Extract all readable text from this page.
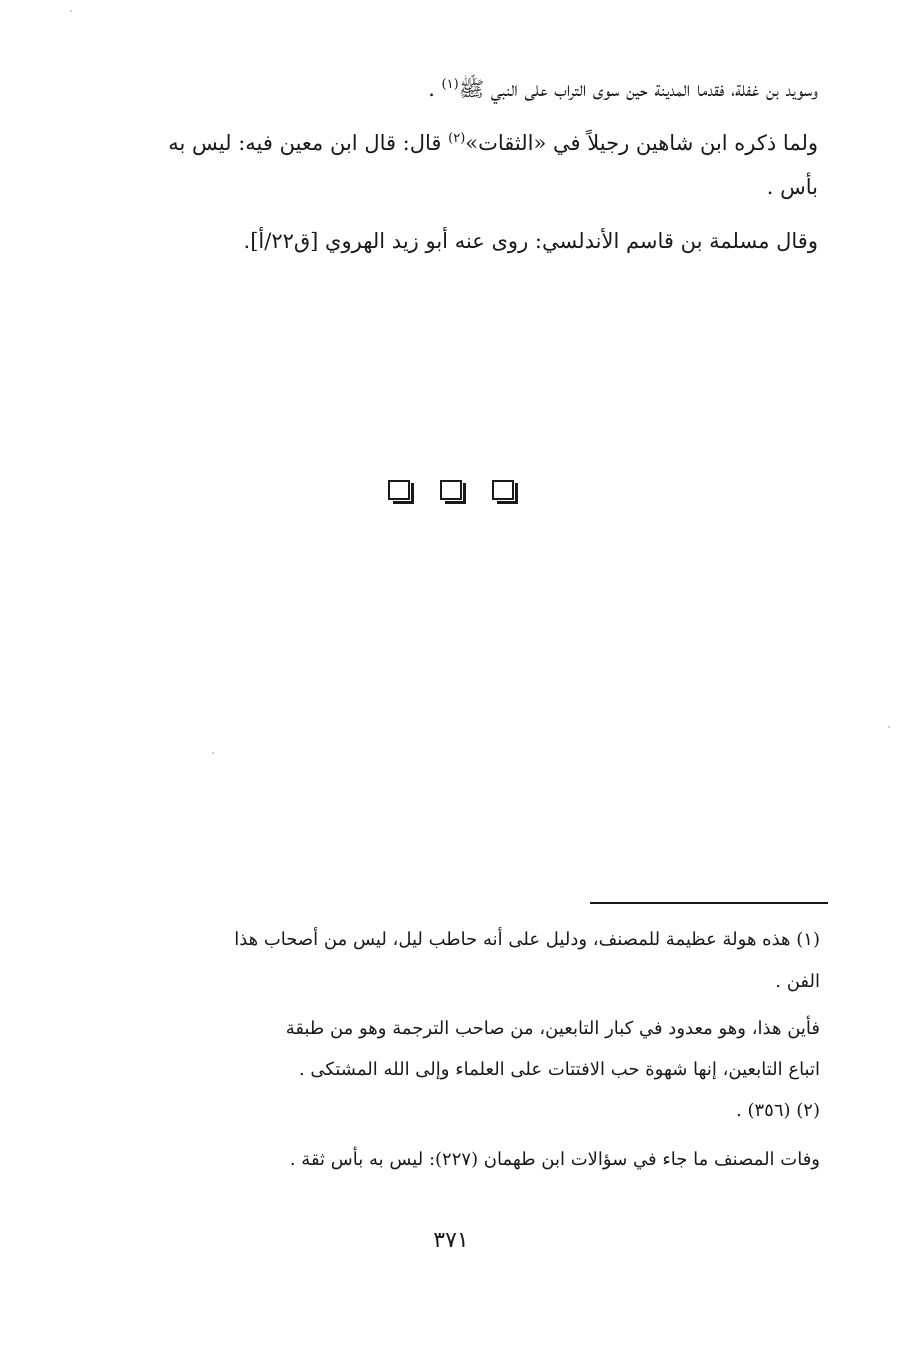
وسويد بن غفلة، فقدما المدينة حين سوى التراب على النبي ﷺ$^{(١)}$ .
ولما ذكره ابن شاهين رجيلاً في «الثقات»$^{(٢)}$ قال: قال ابن معين فيه: ليس به
بأس .
وقال مسلمة بن قاسم الأندلسي: روى عنه أبو زيد الهروي [ق٢٢/أ].
(١) هذه هولة عظيمة للمصنف، ودليل على أنه حاطب ليل، ليس من أصحاب هذا
الفن .
فأين هذا، وهو معدود في كبار التابعين، من صاحب الترجمة وهو من طبقة
اتباع التابعين، إنها شهوة حب الافتتات على العلماء وإلى الله المشتكى .
(٢) (٣٥٦) .
وفات المصنف ما جاء في سؤالات ابن طهمان (٢٢٧): ليس به بأس ثقة .
٣٧١
